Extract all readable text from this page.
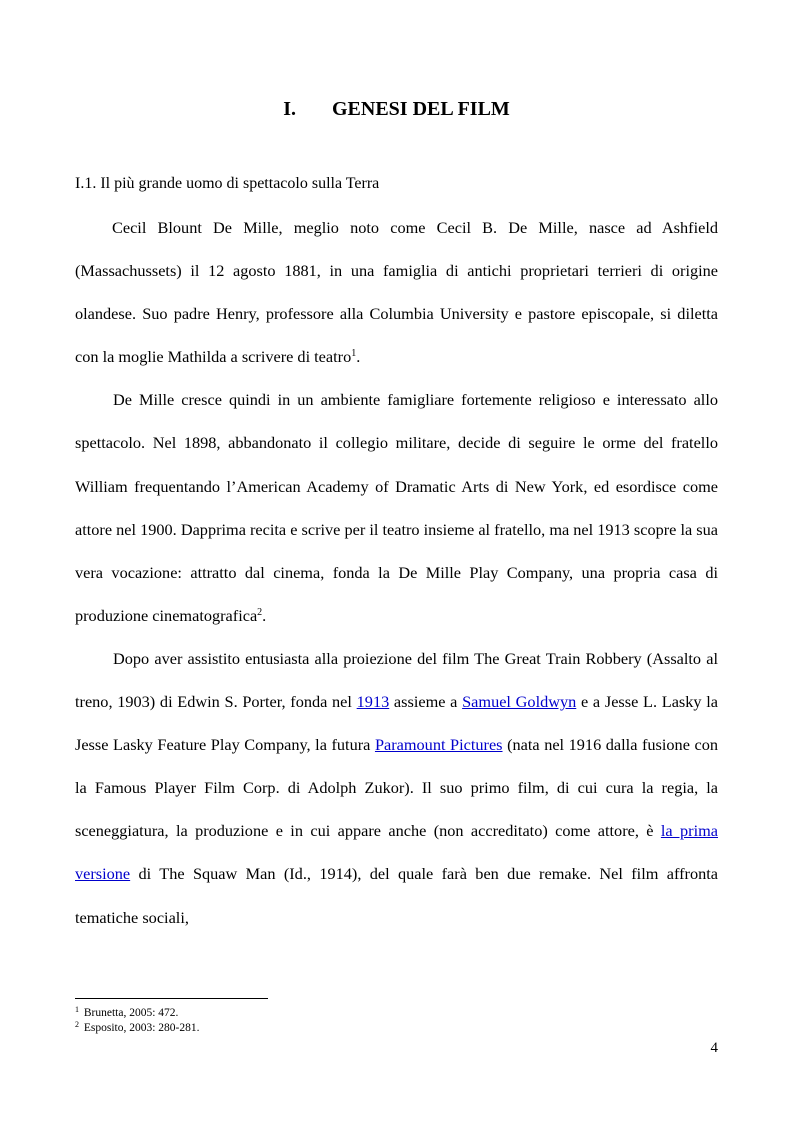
I. GENESI DEL FILM

I.1. Il più grande uomo di spettacolo sulla Terra

Cecil Blount De Mille, meglio noto come Cecil B. De Mille, nasce ad Ashfield (Massachussets) il 12 agosto 1881, in una famiglia di antichi proprietari terrieri di origine olandese. Suo padre Henry, professore alla Columbia University e pastore episcopale, si diletta con la moglie Mathilda a scrivere di teatro$^1$.

De Mille cresce quindi in un ambiente famigliare fortemente religioso e interessato allo spettacolo. Nel 1898, abbandonato il collegio militare, decide di seguire le orme del fratello William frequentando l’American Academy of Dramatic Arts di New York, ed esordisce come attore nel 1900. Dapprima recita e scrive per il teatro insieme al fratello, ma nel 1913 scopre la sua vera vocazione: attratto dal cinema, fonda la De Mille Play Company, una propria casa di produzione cinematografica$^2$.

Dopo aver assistito entusiasta alla proiezione del film The Great Train Robbery (Assalto al treno, 1903) di Edwin S. Porter, fonda nel 1913 assieme a Samuel Goldwyn e a Jesse L. Lasky la Jesse Lasky Feature Play Company, la futura Paramount Pictures (nata nel 1916 dalla fusione con la Famous Player Film Corp. di Adolph Zukor). Il suo primo film, di cui cura la regia, la sceneggiatura, la produzione e in cui appare anche (non accreditato) come attore, è la prima versione di The Squaw Man (Id., 1914), del quale farà ben due remake. Nel film affronta tematiche sociali,

$^1$ Brunetta, 2005: 472.
$^2$ Esposito, 2003: 280-281.
4
